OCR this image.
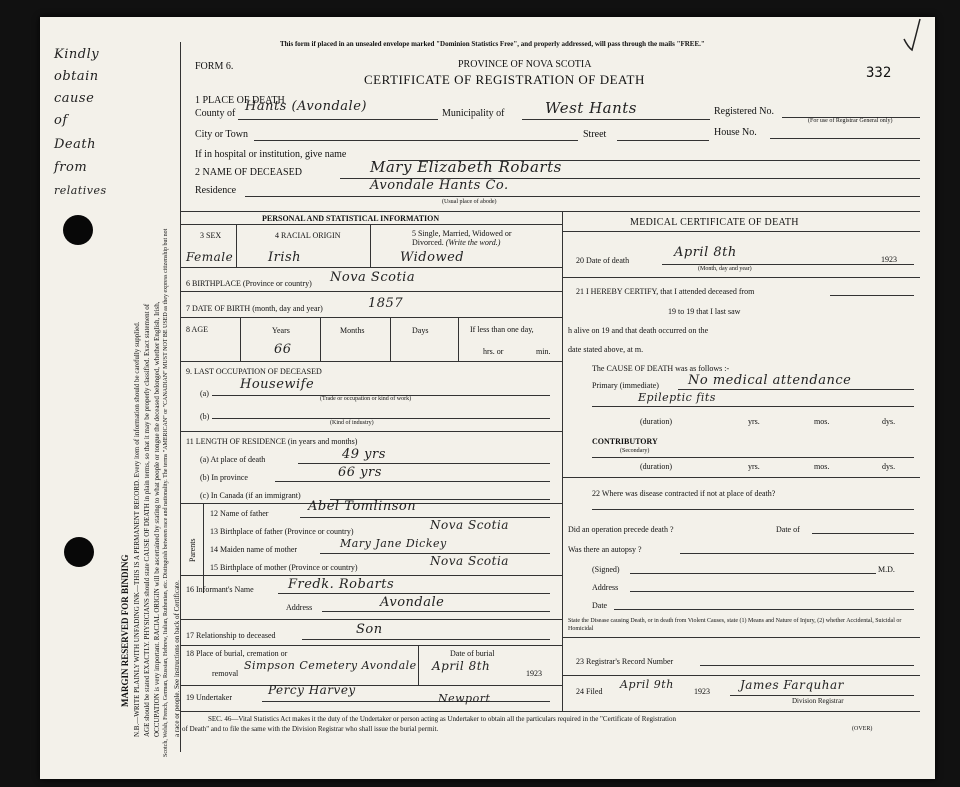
Kindly
obtain
cause
of
Death
from
relatives
MARGIN RESERVED FOR BINDING N.B.—WRITE PLAINLY WITH UNFADING INK—THIS IS A PERMANENT RECORD. Every item of information should be carefully supplied. AGE should be stated EXACTLY. PHYSICIANS should state CAUSE OF DEATH in plain terms, so that it may be properly classified. Exact statement of OCCUPATION is very important. RACIAL ORIGIN will be ascertained by stating to what people or tongue the deceased belonged, whether English, Irish, Scotch, Welsh, French, German, Russian, Hebrew, Italian, Ruthenian, etc. Distinguish between race and nationality. The terms "AMERICAN" or "CANADIAN" MUST NOT BE USED as they express citizenship but not a race or people. See instructions on back of Certificate.
This form if placed in an unsealed envelope marked "Dominion Statistics Free", and properly addressed, will pass through the mails "FREE."
FORM 6.	PROVINCE OF NOVA SCOTIA
CERTIFICATE OF REGISTRATION OF DEATH	332
1 PLACE OF DEATH
County of Hants (Avondale)	Municipality of	West Hants	Registered No.
(For use of Registrar General only)
City or Town	Street	House No.
If in hospital or institution, give name
2 NAME OF DECEASED	Mary Elizabeth Robarts
Residence	Avondale Hants Co.
(Usual place of abode)
PERSONAL AND STATISTICAL INFORMATION
3 SEX	4 RACIAL ORIGIN	5 Single, Married, Widowed or Divorced. (Write the word.)
Female	Irish	Widowed
6 BIRTHPLACE (Province or country) Nova Scotia
7 DATE OF BIRTH (month, day and year)	1857
8 AGE	Years	Months	Days	If less than one day,
hrs. or	min.
66
9. LAST OCCUPATION OF DECEASED
(a)
Housewife
(Trade or occupation or kind of work)
(b)
(Kind of industry)
11 LENGTH OF RESIDENCE (in years and months)
(a) At place of death	49 yrs
(b) In province	66 yrs
(c) In Canada (if an immigrant)
Parents
12 Name of father	Abel Tomlinson
13 Birthplace of father (Province or country)	Nova Scotia
14 Maiden name of mother	Mary Jane Dickey
15 Birthplace of mother (Province or country)	Nova Scotia
16 Informant's Name	Fredk. Robarts
Address	Avondale
17 Relationship to deceased	Son
18 Place of burial, cremation or
removal
Simpson Cemetery Avondale
Date of burial
April 8th
1923
19 Undertaker
Percy Harvey
Newport
MEDICAL CERTIFICATE OF DEATH
20 Date of death
April 8th	1923
(Month, day and year)
21 I HEREBY CERTIFY, that I attended deceased from
19 to 19 that I last saw
h alive on 19 and that death occurred on the
date stated above, at m.
The CAUSE OF DEATH was as follows :-
Primary (immediate) No medical attendance
Epileptic fits
(duration)	yrs.	mos.	dys.
CONTRIBUTORY
(Secondary)
(duration)	yrs.	mos.	dys.
22 Where was disease contracted if not at place of death?
Did an operation precede death ?	Date of
Was there an autopsy ?
(Signed)	M.D.
Address
Date
State the Disease causing Death, or in death from Violent Causes, state (1) Means and Nature of Injury, (2) whether Accidental, Suicidal or Homicidal
23 Registrar's Record Number
24 Filed
April 9th
1923	James Farquhar
Division Registrar
SEC. 46—Vital Statistics Act makes it the duty of the Undertaker or person acting as Undertaker to obtain all the particulars required in the "Certificate of Registration
of Death" and to file the same with the Division Registrar who shall issue the burial permit.	(OVER)
